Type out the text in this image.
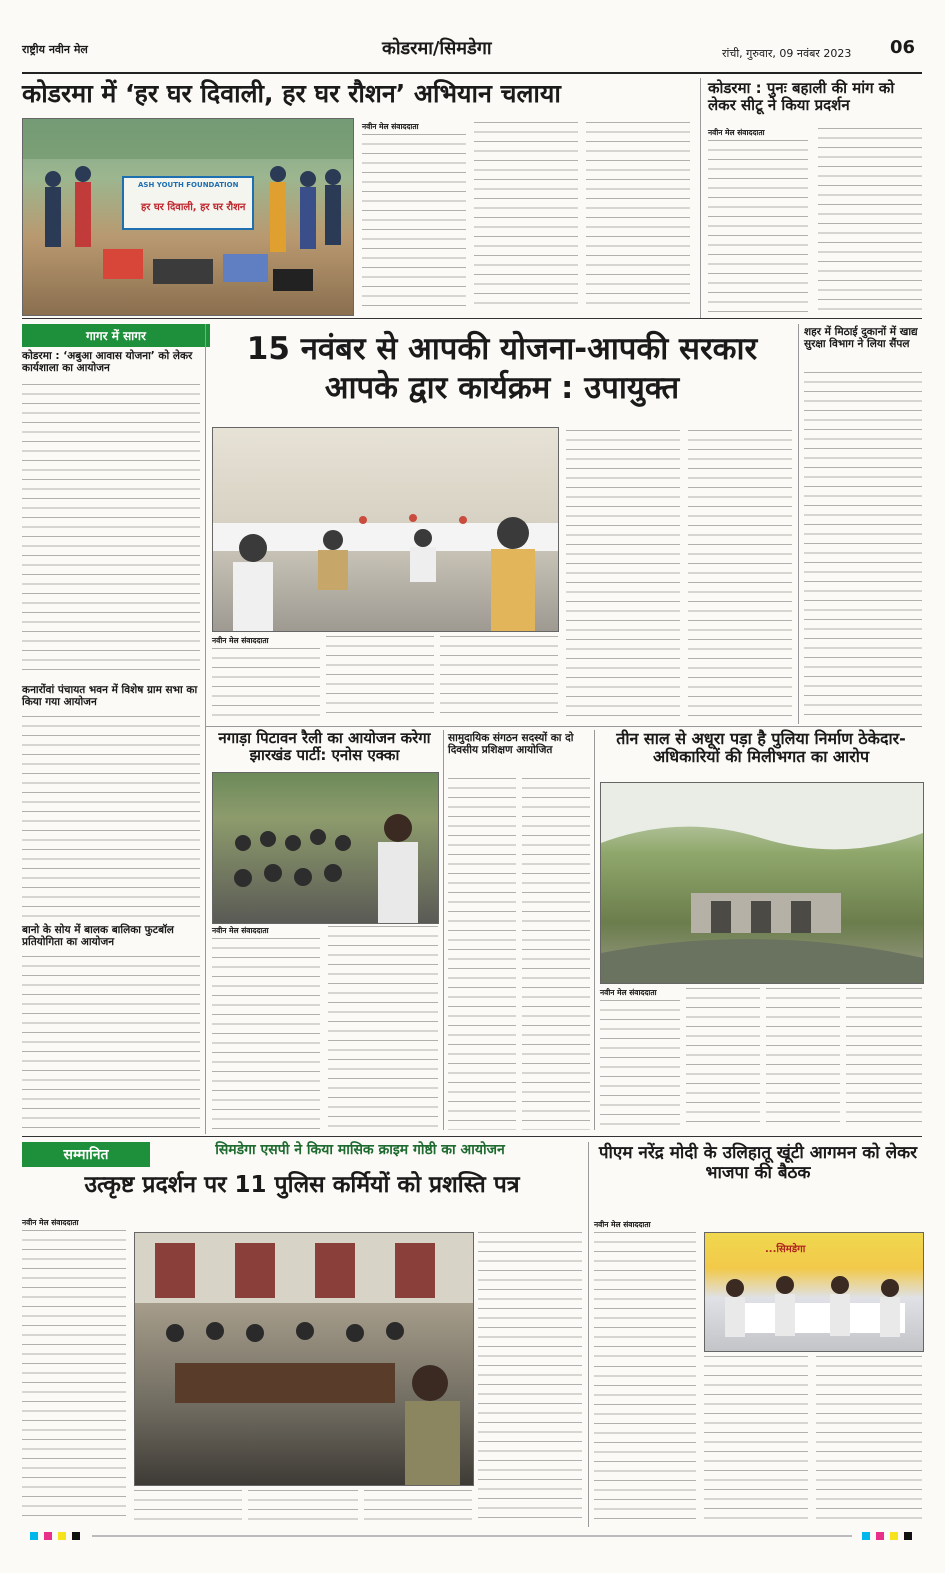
राष्ट्रीय नवीन मेल	कोडरमा/सिमडेगा	रांची, गुरुवार, 09 नवंबर 2023 06
कोडरमा में ‘हर घर दिवाली, हर घर रौशन’ अभियान चलाया
ASH YOUTH FOUNDATION
हर घर दिवाली, हर घर रौशन
नवीन मेल संवाददाता
कोडरमा : पुनः बहाली की मांग को लेकर सीटू ने किया प्रदर्शन
नवीन मेल संवाददाता
गागर में सागर
कोडरमा : ‘अबुआ आवास योजना’ को लेकर कार्यशाला का आयोजन
कनारोंवां पंचायत भवन में विशेष ग्राम सभा का किया गया आयोजन
बानो के सोय में बालक बालिका फुटबॉल प्रतियोगिता का आयोजन
15 नवंबर से आपकी योजना-आपकी सरकार आपके द्वार कार्यक्रम : उपायुक्त
नवीन मेल संवाददाता
शहर में मिठाई दुकानों में खाद्य सुरक्षा विभाग ने लिया सैंपल
नगाड़ा पिटावन रैली का आयोजन करेगा झारखंड पार्टी: एनोस एक्का
नवीन मेल संवाददाता
सामुदायिक संगठन सदस्यों का दो दिवसीय प्रशिक्षण आयोजित
तीन साल से अधूरा पड़ा है पुलिया निर्माण ठेकेदार-अधिकारियों की मिलीभगत का आरोप
नवीन मेल संवाददाता
सम्मानित	सिमडेगा एसपी ने किया मासिक क्राइम गोष्ठी का आयोजन
उत्कृष्ट प्रदर्शन पर 11 पुलिस कर्मियों को प्रशस्ति पत्र
नवीन मेल संवाददाता
पीएम नरेंद्र मोदी के उलिहातू खूंटी आगमन को लेकर भाजपा की बैठक
नवीन मेल संवाददाता
...सिमडेगा
